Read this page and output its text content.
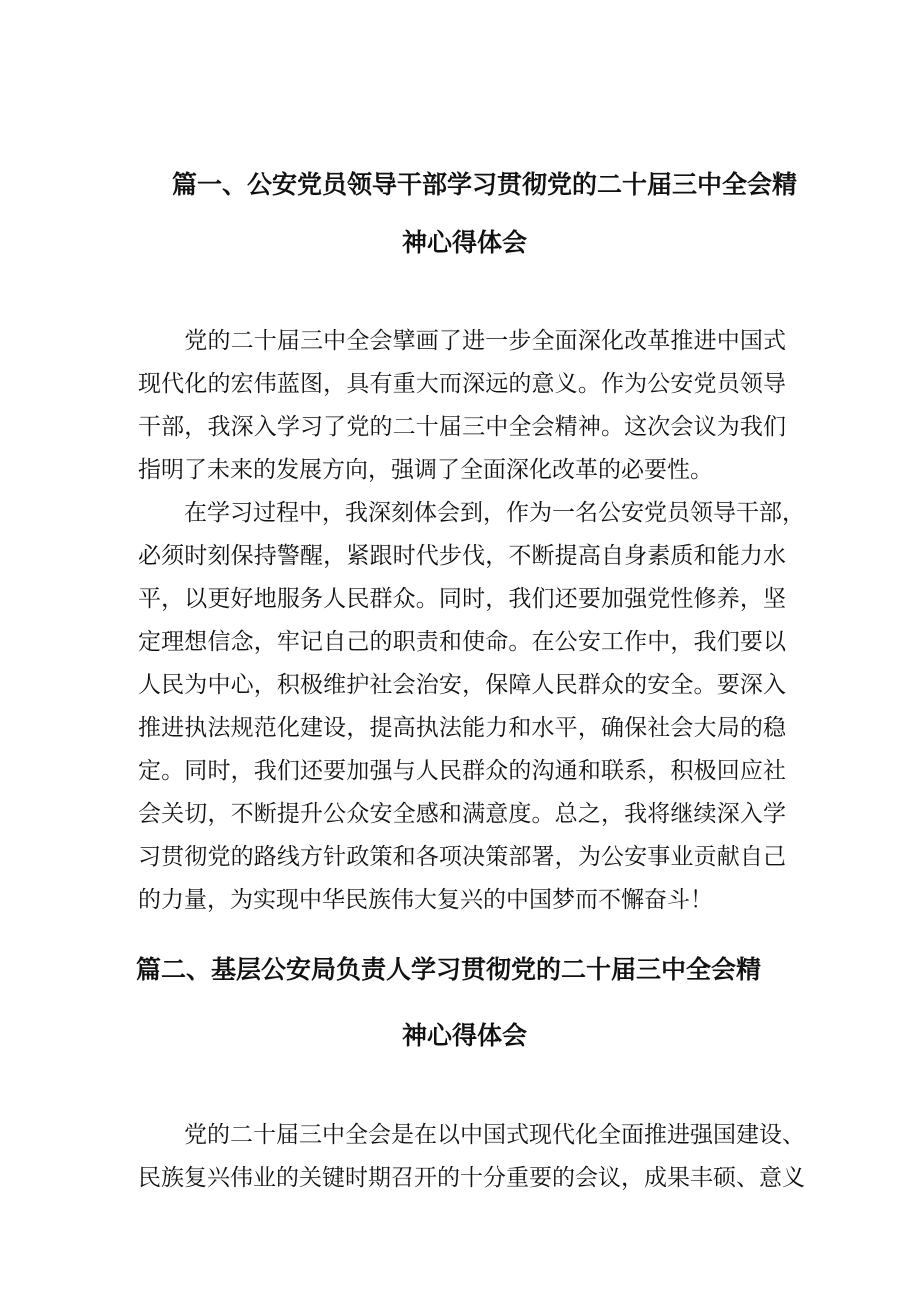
篇一、公安党员领导干部学习贯彻党的二十届三中全会精
神心得体会
　　党的二十届三中全会擘画了进一步全面深化改革推进中国式
现代化的宏伟蓝图，具有重大而深远的意义。作为公安党员领导
干部，我深入学习了党的二十届三中全会精神。这次会议为我们
指明了未来的发展方向，强调了全面深化改革的必要性。
　　在学习过程中，我深刻体会到，作为一名公安党员领导干部，
必须时刻保持警醒，紧跟时代步伐，不断提高自身素质和能力水
平，以更好地服务人民群众。同时，我们还要加强党性修养，坚
定理想信念，牢记自己的职责和使命。在公安工作中，我们要以
人民为中心，积极维护社会治安，保障人民群众的安全。要深入
推进执法规范化建设，提高执法能力和水平，确保社会大局的稳
定。同时，我们还要加强与人民群众的沟通和联系，积极回应社
会关切，不断提升公众安全感和满意度。总之，我将继续深入学
习贯彻党的路线方针政策和各项决策部署，为公安事业贡献自己
的力量，为实现中华民族伟大复兴的中国梦而不懈奋斗！
篇二、基层公安局负责人学习贯彻党的二十届三中全会精
神心得体会
　　党的二十届三中全会是在以中国式现代化全面推进强国建设、
民族复兴伟业的关键时期召开的十分重要的会议，成果丰硕、意义
